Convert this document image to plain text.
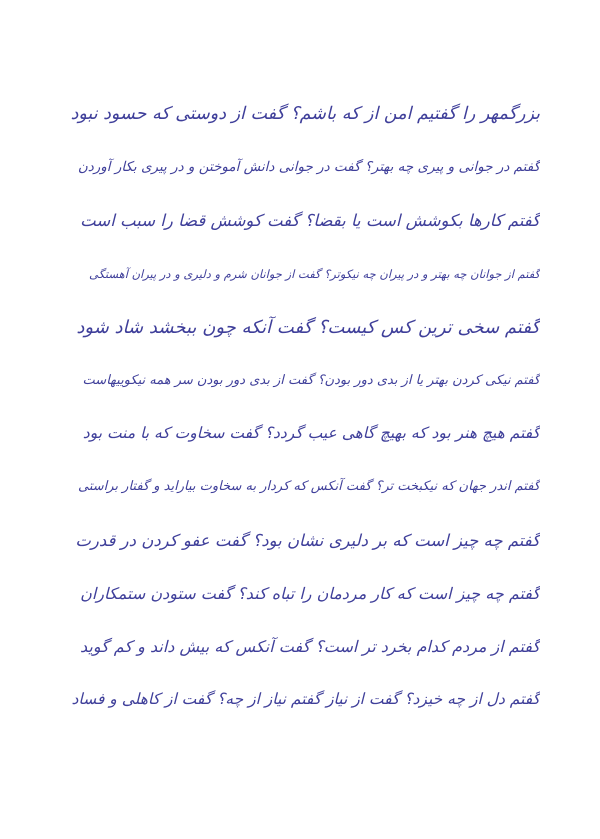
بزرگمهر را گفتیم امن از که باشم؟ گفت از دوستی که حسود نبود
گفتم در جوانی و پیری چه بهتر؟ گفت در جوانی دانش آموختن و در پیری بکار آوردن
گفتم کارها بکوشش است یا بقضا؟ گفت کوشش قضا را سبب است
گفتم از جوانان چه بهتر و در پیران چه نیکوتر؟ گفت از جوانان شرم و دلیری و در پیران آهستگی
گفتم سخی ترین کس کیست؟ گفت آنکه چون ببخشد شاد شود
گفتم نیکی کردن بهتر یا از بدی دور بودن؟ گفت از بدی دور بودن سر همه نیکوییهاست
گفتم هیچ هنر بود که بهیچ گاهی عیب گردد؟ گفت سخاوت که با منت بود
گفتم اندر جهان که نیکبخت تر؟ گفت آنکس که کردار به سخاوت بیاراید و گفتار براستی
گفتم چه چیز است که بر دلیری نشان بود؟ گفت عفو کردن در قدرت
گفتم چه چیز است که کار مردمان را تباه کند؟ گفت ستودن ستمکاران
گفتم از مردم کدام بخرد تر است؟ گفت آنکس که بیش داند و کم گوید
گفتم دل از چه خیزد؟ گفت از نیاز گفتم نیاز از چه؟ گفت از کاهلی و فساد
